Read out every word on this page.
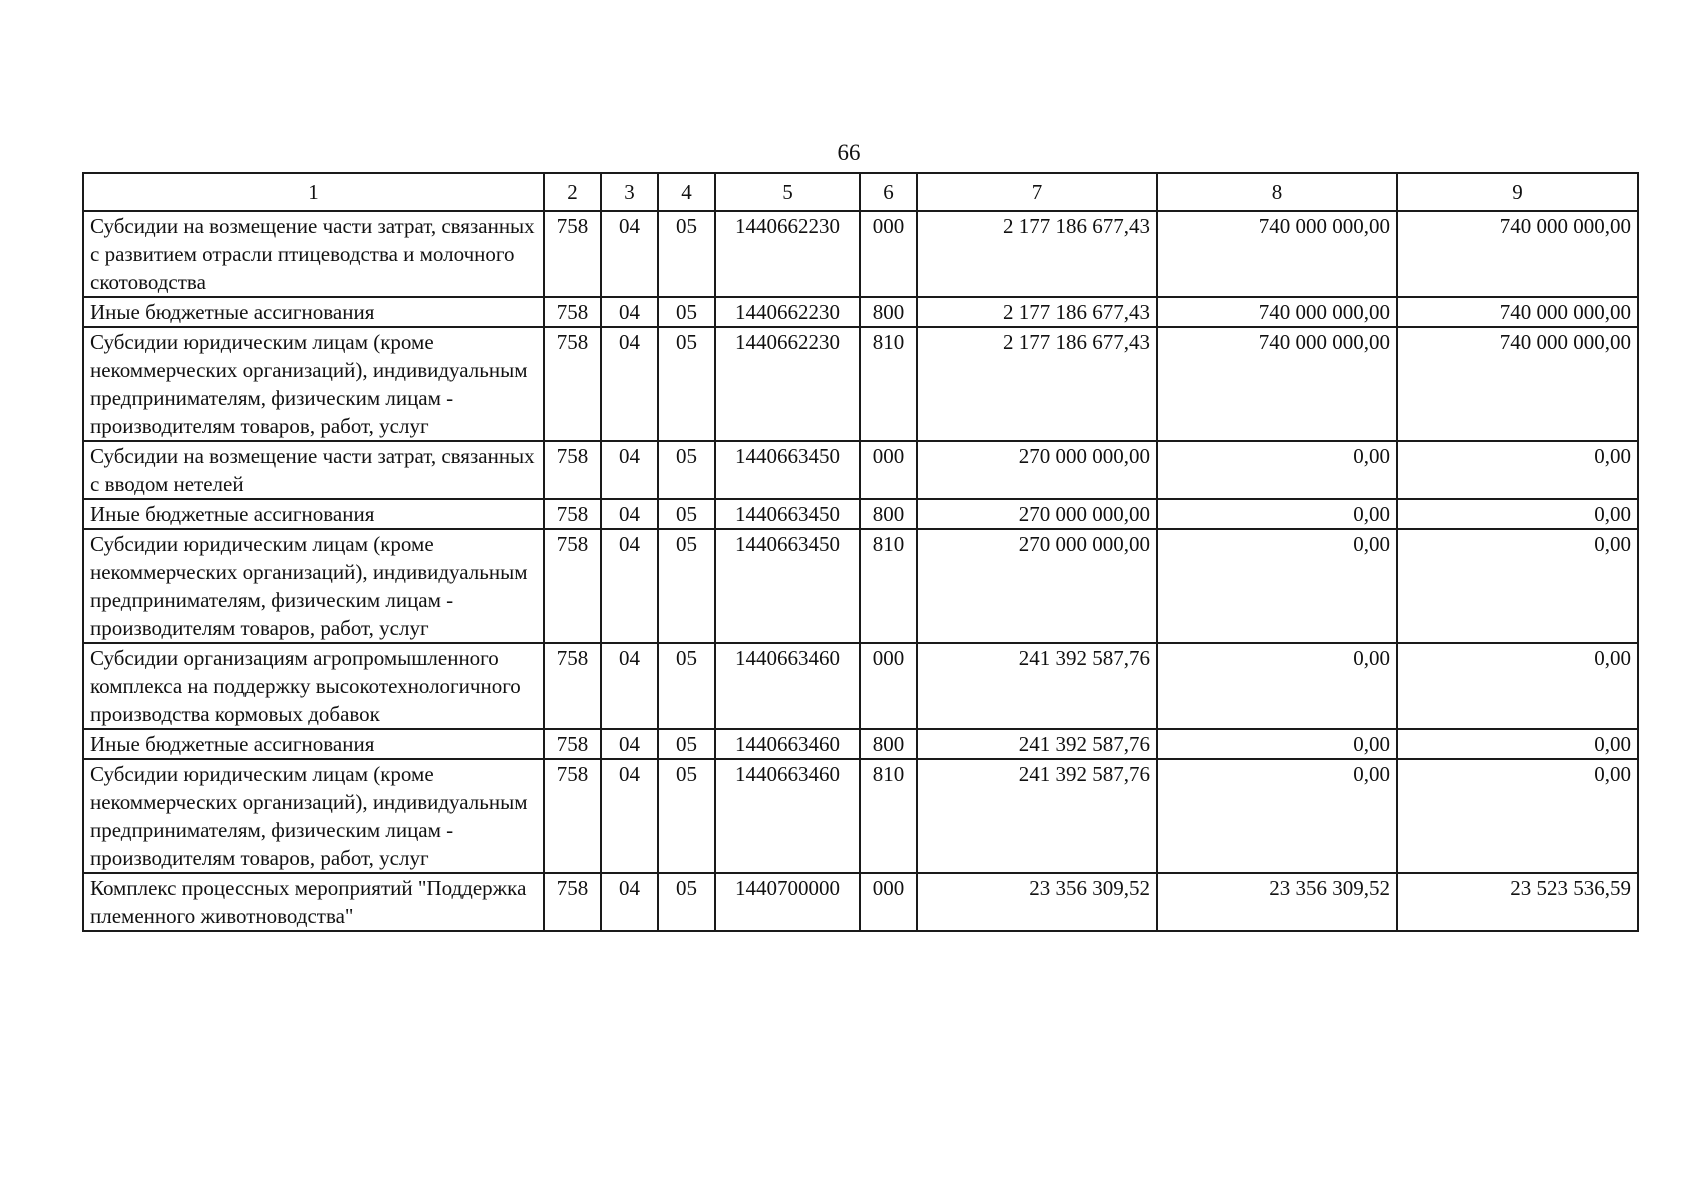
66
1	2	3	4	5	6	7	8	9
Субсидии на возмещение части затрат, связанных с развитием отрасли птицеводства и молочного скотоводства	758	04	05	1440662230	000	2 177 186 677,43	740 000 000,00	740 000 000,00
Иные бюджетные ассигнования	758	04	05	1440662230	800	2 177 186 677,43	740 000 000,00	740 000 000,00
Субсидии юридическим лицам (кроме некоммерческих организаций), индивидуальным предпринимателям, физическим лицам - производителям товаров, работ, услуг	758	04	05	1440662230	810	2 177 186 677,43	740 000 000,00	740 000 000,00
Субсидии на возмещение части затрат, связанных с вводом нетелей	758	04	05	1440663450	000	270 000 000,00	0,00	0,00
Иные бюджетные ассигнования	758	04	05	1440663450	800	270 000 000,00	0,00	0,00
Субсидии юридическим лицам (кроме некоммерческих организаций), индивидуальным предпринимателям, физическим лицам - производителям товаров, работ, услуг	758	04	05	1440663450	810	270 000 000,00	0,00	0,00
Субсидии организациям агропромышленного комплекса на поддержку высокотехнологичного производства кормовых добавок	758	04	05	1440663460	000	241 392 587,76	0,00	0,00
Иные бюджетные ассигнования	758	04	05	1440663460	800	241 392 587,76	0,00	0,00
Субсидии юридическим лицам (кроме некоммерческих организаций), индивидуальным предпринимателям, физическим лицам - производителям товаров, работ, услуг	758	04	05	1440663460	810	241 392 587,76	0,00	0,00
Комплекс процессных мероприятий "Поддержка племенного животноводства"	758	04	05	1440700000	000	23 356 309,52	23 356 309,52	23 523 536,59
